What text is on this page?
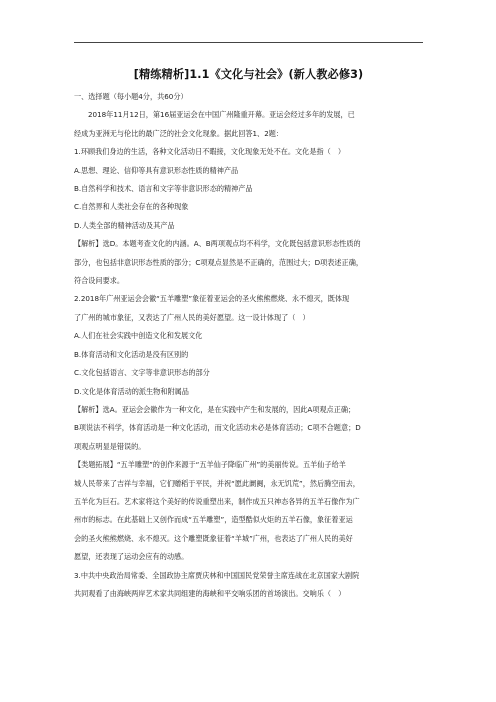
[精练精析]1.1《文化与社会》(新人教必修3)

一、选择题（每小题4分，共60分）

2018年11月12日，第16届亚运会在中国广州隆重开幕。亚运会经过多年的发展，已

经成为亚洲无与伦比的最广泛的社会文化现象。据此回答1、2题：

1.环顾我们身边的生活，各种文化活动日不暇接，文化现象无处不在。文化是指（　）

A.思想、理论、信仰等具有意识形态性质的精神产品

B.自然科学和技术、语言和文字等非意识形态的精神产品

C.自然界和人类社会存在的各种现象

D.人类全部的精神活动及其产品

【解析】选D。本题考查文化的内涵。A、B两项观点均不科学，文化既包括意识形态性质的

部分，也包括非意识形态性质的部分；C项观点显然是不正确的，范围过大；D项表述正确，

符合设问要求。

2.2018年广州亚运会会徽“五羊雕塑”象征着亚运会的圣火熊熊燃烧、永不熄灭，既体现

了广州的城市象征，又表达了广州人民的美好愿望。这一设计体现了（　）

A.人们在社会实践中创造文化和发展文化

B.体育活动和文化活动是没有区别的

C.文化包括语言、文字等非意识形态的部分

D.文化是体育活动的派生物和附属品

【解析】选A。亚运会会徽作为一种文化，是在实践中产生和发展的，因此A项观点正确；

B项说法不科学，体育活动是一种文化活动，而文化活动未必是体育活动；C项不合题意；D

项观点明显是错误的。

【类题拓展】“五羊雕塑”的创作来源于“五羊仙子降临广州”的美丽传说。五羊仙子给羊

城人民带来了吉祥与幸福，它们赠稻于平民，并祝“愿此阛阓，永无饥荒”，然后腾空而去，

五羊化为巨石。艺术家将这个美好的传说重塑出来，制作成五只神态各异的五羊石像作为广

州市的标志。在此基础上又创作而成“五羊雕塑”，造型酷似火炬的五羊石像，象征着亚运

会的圣火熊熊燃烧、永不熄灭。这个雕塑既象征着“羊城”广州，也表达了广州人民的美好

愿望，还表现了运动会应有的动感。

3.中共中央政治局常委、全国政协主席贾庆林和中国国民党荣誉主席连战在北京国家大剧院

共同观看了由海峡两岸艺术家共同组建的海峡和平交响乐团的首场演出。交响乐（　）
